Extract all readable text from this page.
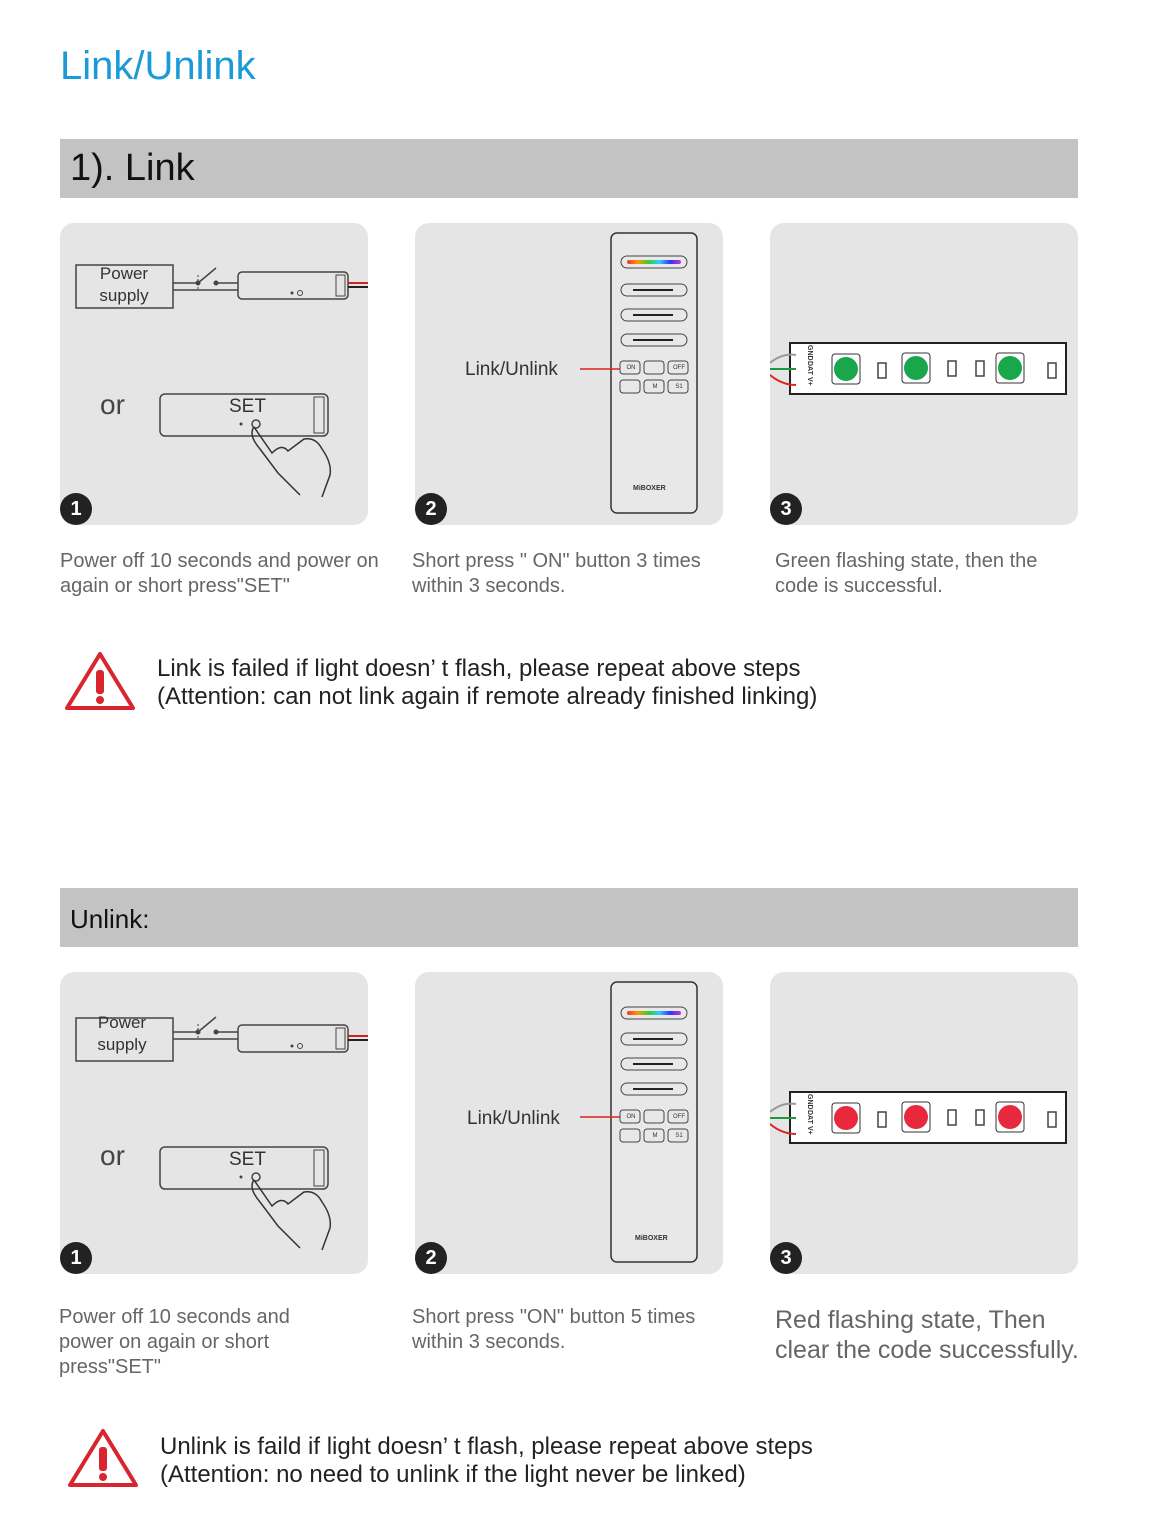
Link/Unlink
1). Link
Power supply
or	SET
1
Link/Unlink	ON	OFF
M	S1
MiBOXER
2
GND
DAT
V+
3

Power off 10 seconds and power on again or short press"SET"

Short press " ON" button 3 times within 3 seconds.

Green flashing state, then the code is successful.

Link is failed if light doesn’ t flash, please repeat above steps
(Attention: can not link again if remote already finished linking)
Unlink:
Power supply
or	SET
1
Link/Unlink	ON	OFF
M	S1
MiBOXER
2
GND
DAT
V+
3

Power off 10 seconds and power on again or short press"SET"

Short press "ON" button 5 times within 3 seconds.

Red flashing state, Then clear the code successfully.

Unlink is faild if light doesn’ t flash, please repeat above steps
(Attention: no need to unlink if the light never be linked)
